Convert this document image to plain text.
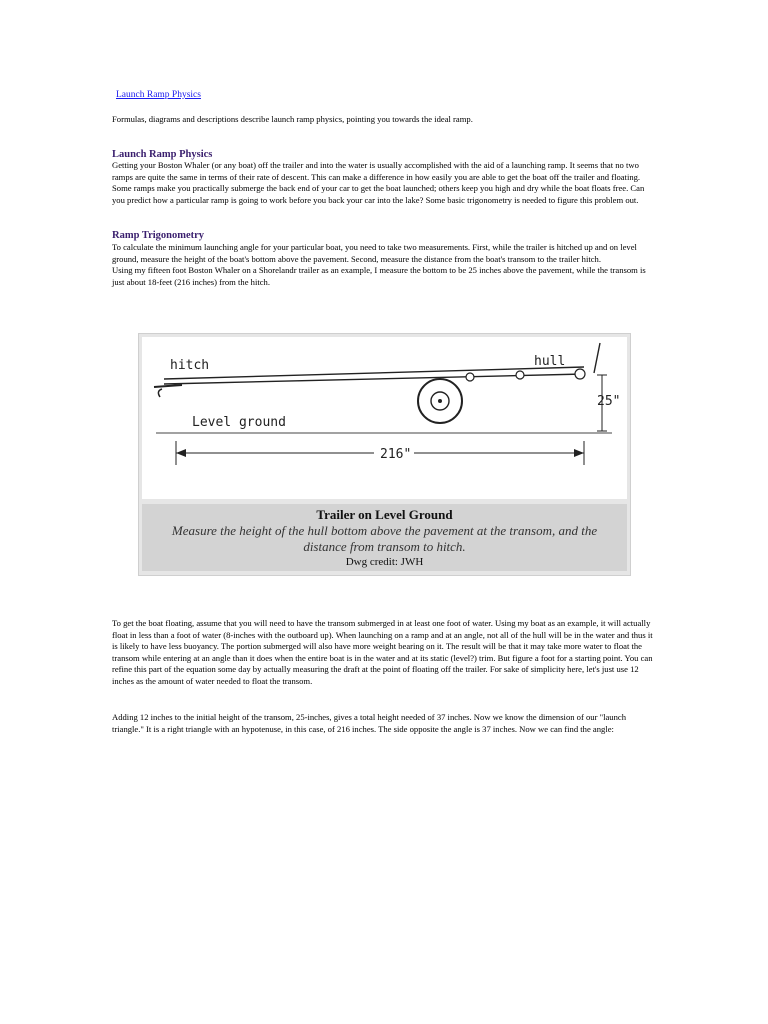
Launch Ramp Physics

Formulas, diagrams and descriptions describe launch ramp physics, pointing you towards the ideal ramp.

Launch Ramp Physics

Getting your Boston Whaler (or any boat) off the trailer and into the water is usually accomplished with the aid of a launching ramp. It seems that no two ramps are quite the same in terms of their rate of descent. This can make a difference in how easily you are able to get the boat off the trailer and floating. Some ramps make you practically submerge the back end of your car to get the boat launched; others keep you high and dry while the boat floats free. Can you predict how a particular ramp is going to work before you back your car into the lake? Some basic trigonometry is needed to figure this problem out.

Ramp Trigonometry
To calculate the minimum launching angle for your particular boat, you need to take two measurements. First, while the trailer is hitched up and on level ground, measure the height of the boat's bottom above the pavement. Second, measure the distance from the boat's transom to the trailer hitch.
Using my fifteen foot Boston Whaler on a Shorelandr trailer as an example, I measure the bottom to be 25 inches above the pavement, while the transom is just about 18-feet (216 inches) from the hitch.
hitch	hull
25"
Level ground
216"
Trailer on Level Ground
Measure the height of the hull bottom above the pavement at the transom, and the distance from transom to hitch.
Dwg credit: JWH

To get the boat floating, assume that you will need to have the transom submerged in at least one foot of water. Using my boat as an example, it will actually float in less than a foot of water (8-inches with the outboard up). When launching on a ramp and at an angle, not all of the hull will be in the water and thus it is likely to have less buoyancy. The portion submerged will also have more weight bearing on it. The result will be that it may take more water to float the transom while entering at an angle than it does when the entire boat is in the water and at its static (level?) trim. But figure a foot for a starting point. You can refine this part of the equation some day by actually measuring the draft at the point of floating off the trailer. For sake of simplicity here, let's just use 12 inches as the amount of water needed to float the transom.

Adding 12 inches to the initial height of the transom, 25-inches, gives a total height needed of 37 inches. Now we know the dimension of our "launch triangle." It is a right triangle with an hypotenuse, in this case, of 216 inches. The side opposite the angle is 37 inches. Now we can find the angle:
